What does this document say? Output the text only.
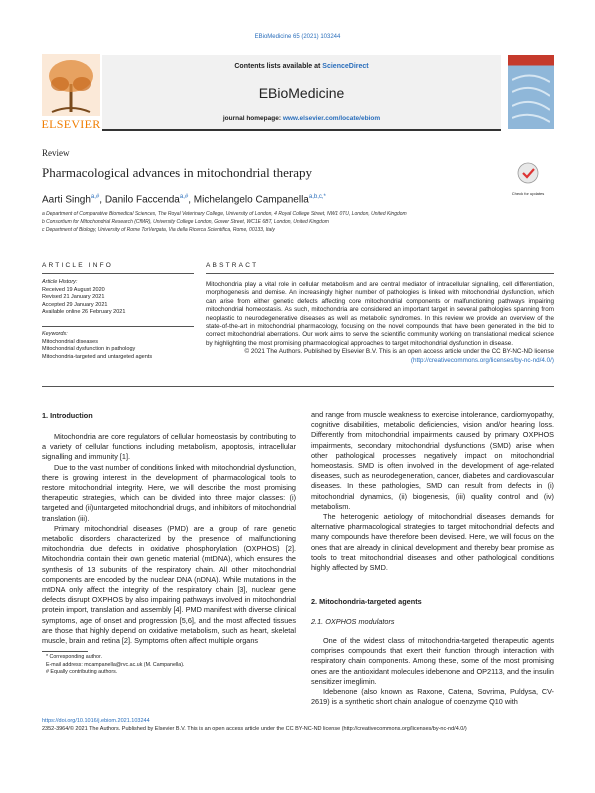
EBioMedicine 65 (2021) 103244
ELSEVIER
Contents lists available at ScienceDirect
EBioMedicine
journal homepage: www.elsevier.com/locate/ebiom
Review
Pharmacological advances in mitochondrial therapy
Check for updates
Aarti Singh$^{a,\#}$, Danilo Faccenda$^{a,\#}$, Michelangelo Campanella$^{a,b,c,*}$
a Department of Comparative Biomedical Sciences, The Royal Veterinary College, University of London, 4 Royal College Street, NW1 0TU, London, United Kingdom
b Consortium for Mitochondrial Research (CfMR), University College London, Gower Street, WC1E 6BT, London, United Kingdom
c Department of Biology, University of Rome TorVergata, Via della Ricerca Scientifica, Rome, 00133, Italy
ARTICLE INFO	ABSTRACT
Article History:
Received 19 August 2020
Revised 21 January 2021
Accepted 29 January 2021
Available online 26 February 2021
Keywords:
Mitochondrial diseases
Mitochondrial dysfunction in pathology
Mitochondria-targeted and untargeted agents
Mitochondria play a vital role in cellular metabolism and are central mediator of intracellular signalling, cell differentiation, morphogenesis and demise. An increasingly higher number of pathologies is linked with mitochondrial dysfunction, which can arise from either genetic defects affecting core mitochondrial components or malfunctioning pathways impairing mitochondrial homeostasis. As such, mitochondria are considered an important target in several pathologies spanning from neoplastic to neurodegenerative diseases as well as metabolic syndromes. In this review we provide an overview of the state-of-the-art in mitochondrial pharmacology, focusing on the novel compounds that have been generated in the bid to correct mitochondrial aberrations. Our work aims to serve the scientific community working on translational medical science by highlighting the most promising pharmacological approaches to target mitochondrial dysfunction in disease.
© 2021 The Authors. Published by Elsevier B.V. This is an open access article under the CC BY-NC-ND license
(http://creativecommons.org/licenses/by-nc-nd/4.0/)
1. Introduction

Mitochondria are core regulators of cellular homeostasis by contributing to a variety of cellular functions including metabolism, apoptosis, intracellular signalling and immunity [1].

Due to the vast number of conditions linked with mitochondrial dysfunction, there is growing interest in the development of pharmacological tools to restore mitochondrial integrity. Here, we will describe the most promising therapeutic strategies, which can be divided into three major classes: (i) targeted and (ii)untargeted mitochondrial drugs, and inhibitors of mitochondrial translation (iii).

Primary mitochondrial diseases (PMD) are a group of rare genetic metabolic disorders characterized by the presence of malfunctioning mitochondria due defects in oxidative phosphorylation (OXPHOS) [2]. Mitochondria contain their own genetic material (mtDNA), which ensures the synthesis of 13 subunits of the respiratory chain. All other mitochondrial components are encoded by the nuclear DNA (nDNA). While mutations in the mtDNA only affect the integrity of the respiratory chain [3], nuclear gene defects disrupt OXPHOS by also impairing pathways involved in mitochondrial protein import, translation and assembly [4]. PMD manifest with diverse clinical symptoms, age of onset and progression [5,6], and the most affected tissues are those that highly depend on oxidative metabolism, such as heart, skeletal muscle, brain and retina [2]. Symptoms often affect multiple organs

* Corresponding author.
E-mail address: mcampanella@rvc.ac.uk (M. Campanella).
# Equally contributing authors.

and range from muscle weakness to exercise intolerance, cardiomyopathy, cognitive disabilities, metabolic deficiencies, vision and/or hearing loss. Differently from mitochondrial impairments caused by primary OXPHOS impairments, secondary mitochondrial dysfunctions (SMD) arise when other pathological processes negatively impact on mitochondrial homeostasis. SMD is often involved in the development of age-related diseases, such as neurodegeneration, cancer, diabetes and cardiovascular diseases. In these pathologies, SMD can result from defects in (i) mitochondrial dynamics, (ii) biogenesis, (iii) quality control and (iv) metabolism.

The heterogenic aetiology of mitochondrial diseases demands for alternative pharmacological strategies to target mitochondrial defects and many compounds have therefore been devised. Here, we will focus on the ones that are already in clinical development and thereby bear promise as tools to treat mitochondrial diseases and other pathological conditions highly affected by SMD.

2. Mitochondria-targeted agents
2.1. OXPHOS modulators

One of the widest class of mitochondria-targeted therapeutic agents comprises compounds that exert their function through interaction with respiratory chain components. Among these, some of the most promising ones are the antioxidant molecules idebenone and OP2113, and the insulin sensitizer imeglimin.

Idebenone (also known as Raxone, Catena, Sovrima, Puldysa, CV-2619) is a synthetic short chain analogue of coenzyme Q10 with

https://doi.org/10.1016/j.ebiom.2021.103244
2352-3964/© 2021 The Authors. Published by Elsevier B.V. This is an open access article under the CC BY-NC-ND license (http://creativecommons.org/licenses/by-nc-nd/4.0/)
